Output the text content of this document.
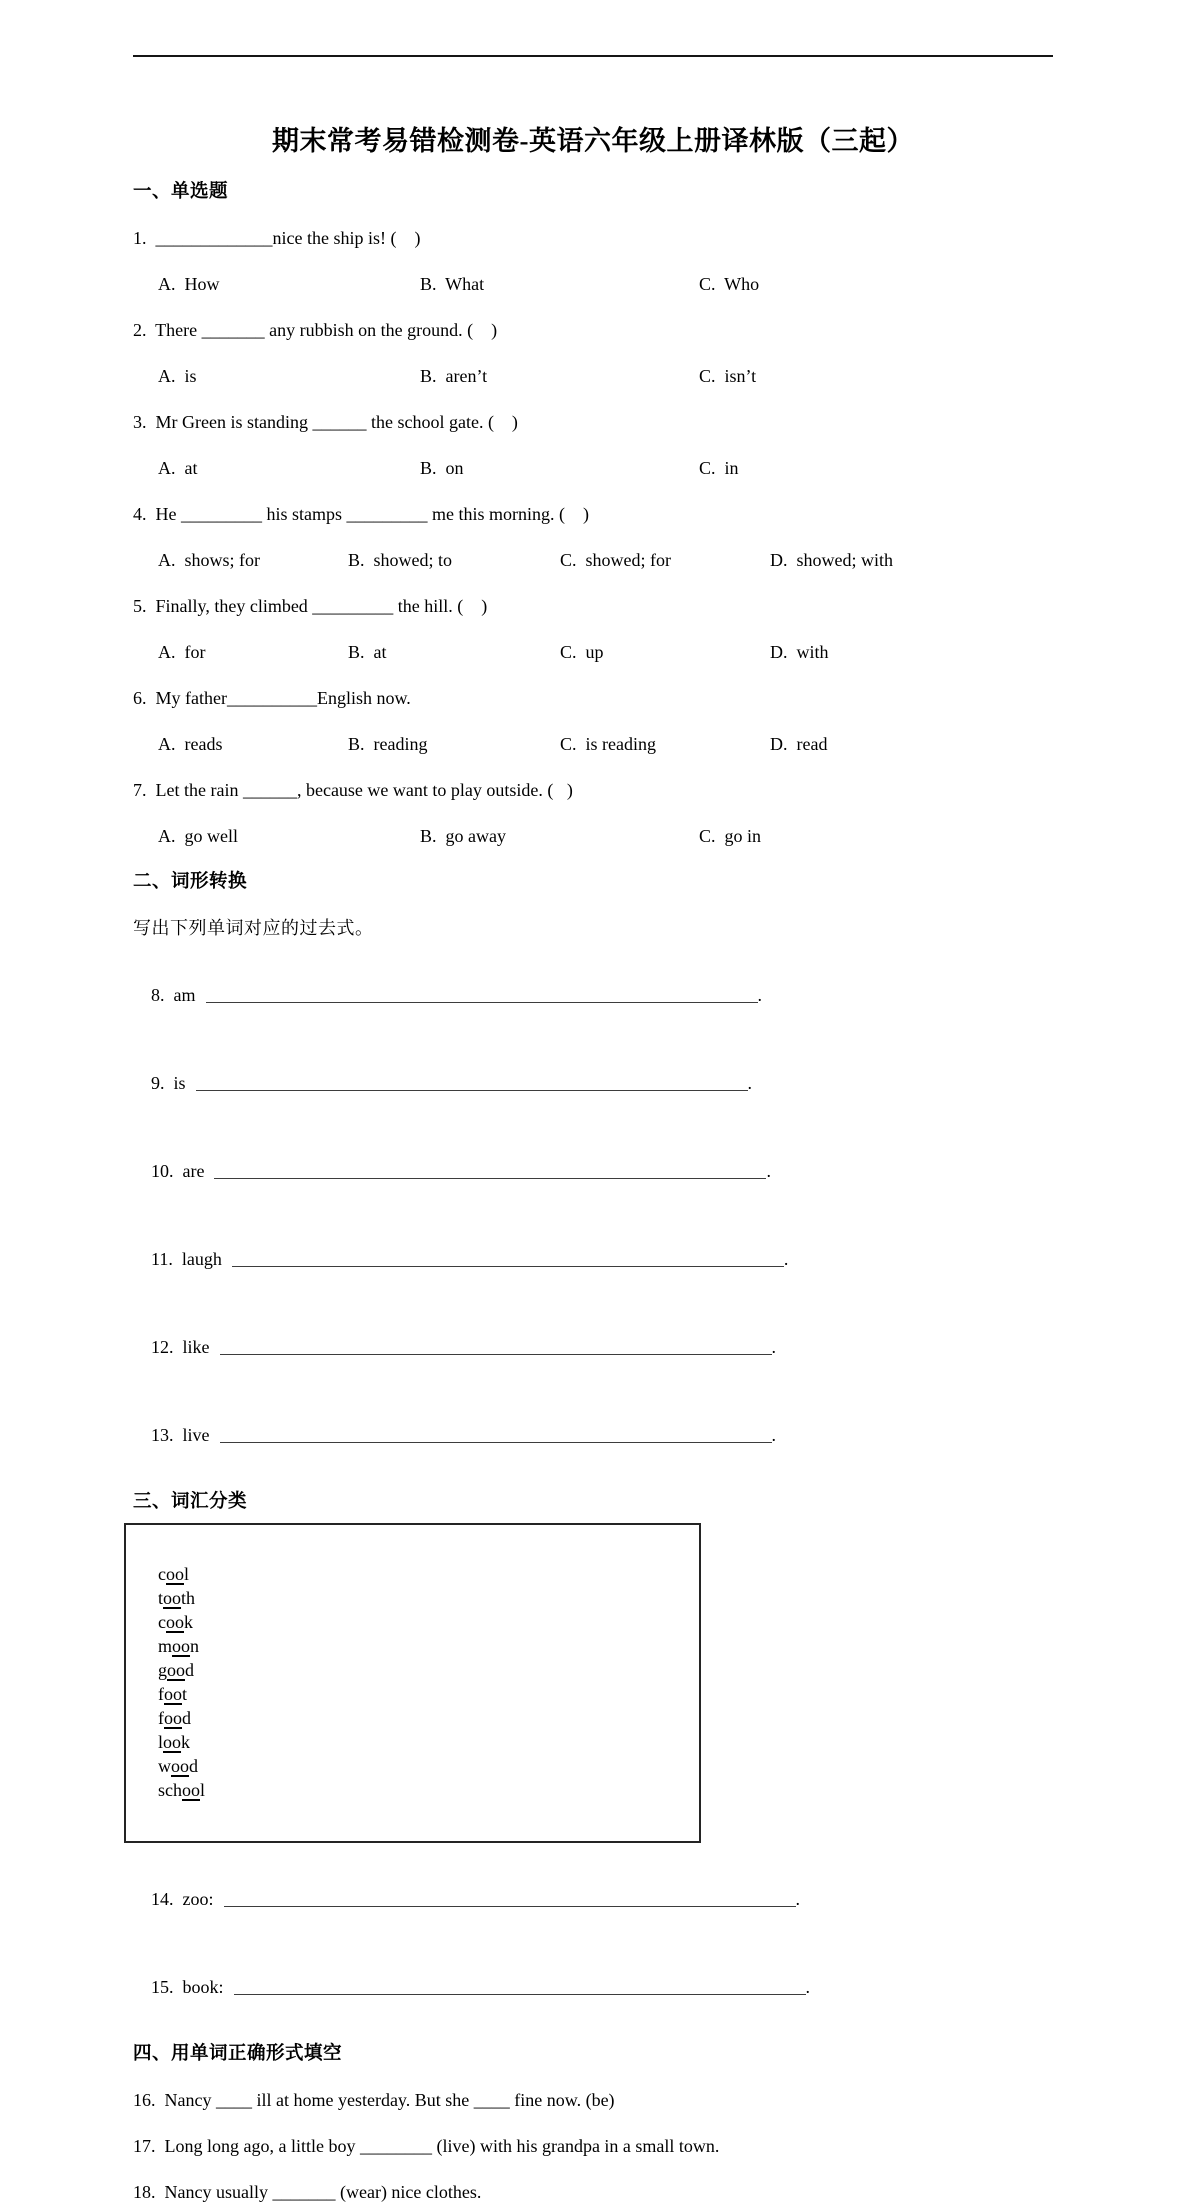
期末常考易错检测卷-英语六年级上册译林版（三起）
一、单选题
1.  _____________nice the ship is! (    )
A.  How	B.  What	C.  Who
2.  There _______ any rubbish on the ground. (    )
A.  is	B.  aren’t	C.  isn’t
3.  Mr Green is standing ______ the school gate. (    )
A.  at	B.  on	C.  in
4.  He _________ his stamps _________ me this morning. (    )
A.  shows; for	B.  showed; to	C.  showed; for	D.  showed; with
5.  Finally, they climbed _________ the hill. (    )
A.  for	B.  at	C.  up	D.  with
6.  My father__________English now.
A.  reads	B.  reading	C.  is reading	D.  read
7.  Let the rain ______, because we want to play outside. (   )
A.  go well	B.  go away	C.  go in
二、词形转换
写出下列单词对应的过去式。

8.  am	.

9.  is	.

10.  are	.

11.  laugh	.

12.  like	.

13.  live	.

三、词汇分类

cool
tooth
cook
moon
good
foot
food
look
wood
school

14.  zoo:	.

15.  book:	.

四、用单词正确形式填空
16.  Nancy ____ ill at home yesterday. But she ____ fine now. (be)
17.  Long long ago, a little boy ________ (live) with his grandpa in a small town.
18.  Nancy usually _______ (wear) nice clothes.
